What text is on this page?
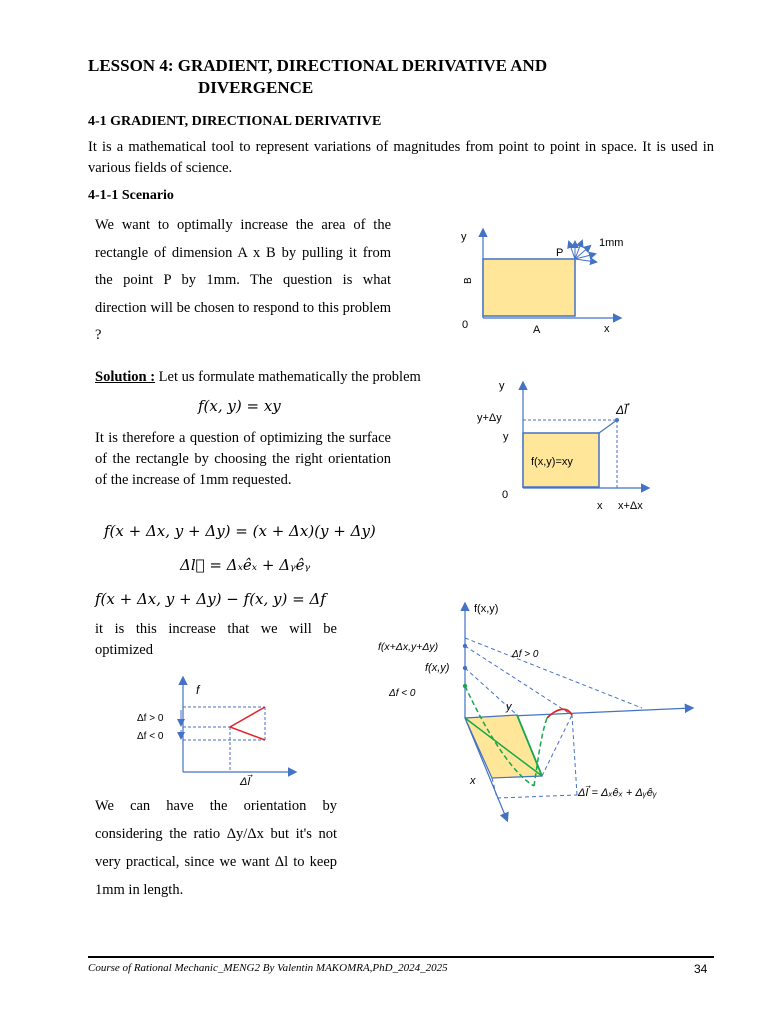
LESSON 4: GRADIENT, DIRECTIONAL DERIVATIVE AND
DIVERGENCE
4-1 GRADIENT, DIRECTIONAL DERIVATIVE
It is a mathematical tool to represent variations of magnitudes from point to point in space. It is used in various fields of science.
4-1-1 Scenario
We want to optimally increase the area of the rectangle of dimension A x B by pulling it from the point P by 1mm. The question is what direction will be chosen to respond to this problem ?
Solution : Let us formulate mathematically the problem
f(x, y) = xy
It is therefore a question of optimizing the surface of the rectangle by choosing the right orientation of the increase of 1mm requested.
f(x + Δx, y + Δy) = (x + Δx)(y + Δy)
Δl⃗ = Δₓêₓ + Δᵧêᵧ
f(x + Δx, y + Δy) − f(x, y) = Δf
it is this increase that we will be optimized
We can have the orientation by considering the ratio Δy/Δx but it's not very practical, since we want Δl to keep 1mm in length.
y
P
1mm
B
0	A	x
y
y+Δy
y
Δl⃗
f(x,y)=xy
0
x x+Δx
f
Δf > 0
Δf < 0
Δl⃗
f(x,y)
f(x+Δx,y+Δy)
f(x,y)
Δf > 0
Δf < 0
y
x
Δl⃗ = Δₓêₓ + Δᵧêᵧ
Course of Rational Mechanic_MENG2 By Valentin MAKOMRA,PhD_2024_2025	34
